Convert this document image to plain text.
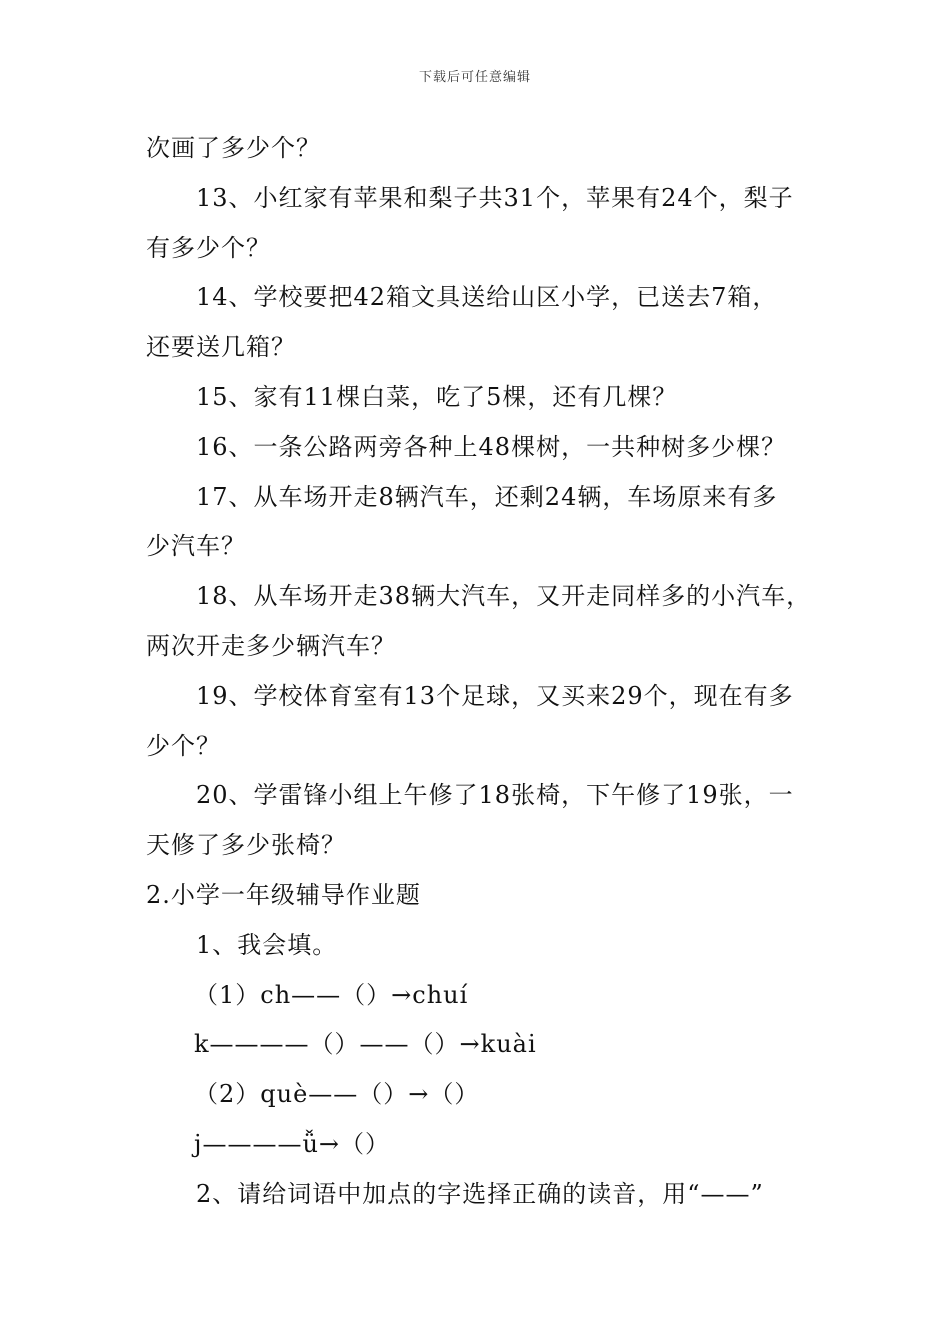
下载后可任意编辑
次画了多少个？
13、小红家有苹果和梨子共31个，苹果有24个，梨子
有多少个？
14、学校要把42箱文具送给山区小学，已送去7箱，
还要送几箱？
15、家有11棵白菜，吃了5棵，还有几棵？
16、一条公路两旁各种上48棵树，一共种树多少棵？
17、从车场开走8辆汽车，还剩24辆，车场原来有多
少汽车？
18、从车场开走38辆大汽车，又开走同样多的小汽车，
两次开走多少辆汽车？
19、学校体育室有13个足球，又买来29个，现在有多
少个？
20、学雷锋小组上午修了18张椅，下午修了19张，一
天修了多少张椅？
2.小学一年级辅导作业题
1、我会填。
（1）ch——（）→chuí
k————（）——（）→kuài
（2）què——（）→（）
j————ǚ→（）
2、请给词语中加点的字选择正确的读音，用“——”
